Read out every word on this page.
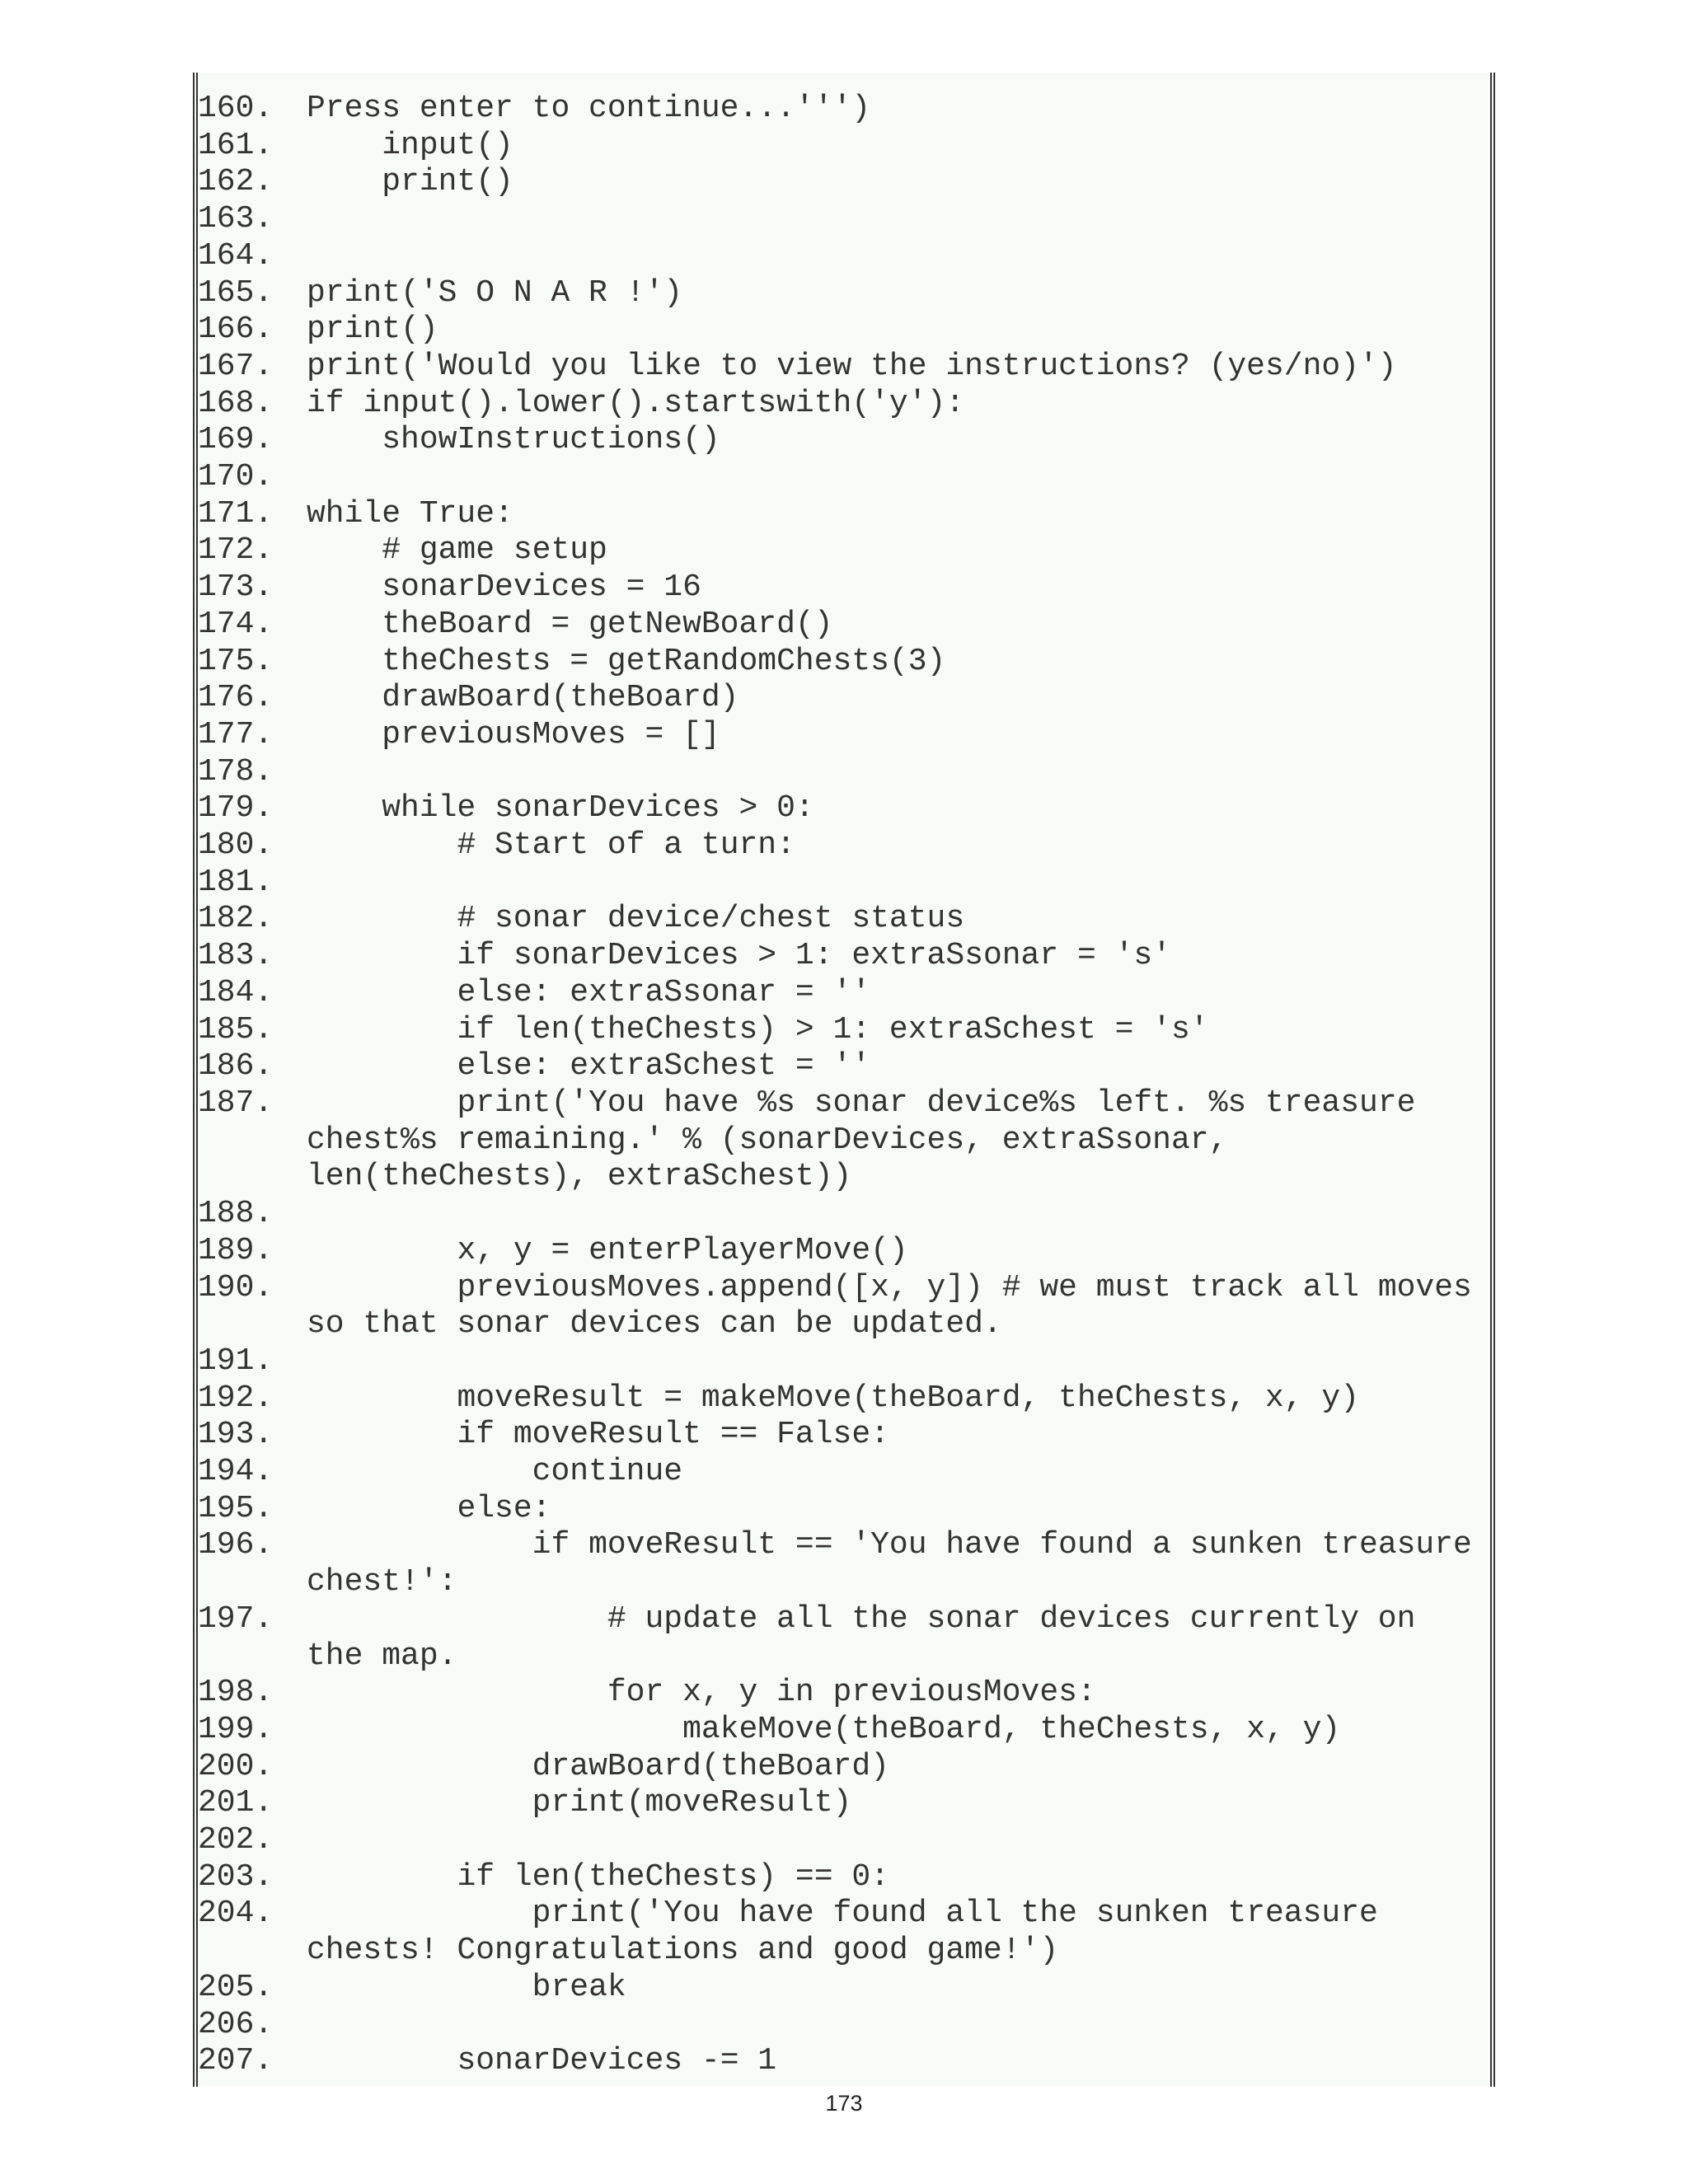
160.	Press enter to continue...''')
161.	input()
162.	print()
163.
164.
165.	print('S O N A R !')
166.	print()
167.	print('Would you like to view the instructions? (yes/no)')
168.	if input().lower().startswith('y'):
169.	showInstructions()
170.
171.	while True:
172.	# game setup
173.	sonarDevices = 16
174.	theBoard = getNewBoard()
175.	theChests = getRandomChests(3)
176.	drawBoard(theBoard)
177.	previousMoves = []
178.
179.	while sonarDevices > 0:
180.	# Start of a turn:
181.
182.	# sonar device/chest status
183.	if sonarDevices > 1: extraSsonar = 's'
184.	else: extraSsonar = ''
185.	if len(theChests) > 1: extraSchest = 's'
186.	else: extraSchest = ''
187.	print('You have %s sonar device%s left. %s treasure chest%s remaining.' % (sonarDevices, extraSsonar, len(theChests), extraSchest))
188.
189.	x, y = enterPlayerMove()
190.	previousMoves.append([x, y]) # we must track all moves so that sonar devices can be updated.
191.
192.	moveResult = makeMove(theBoard, theChests, x, y)
193.	if moveResult == False:
194.	continue
195.	else:
196.	if moveResult == 'You have found a sunken treasure chest!':
197.	# update all the sonar devices currently on the map.
198.	for x, y in previousMoves:
199.	makeMove(theBoard, theChests, x, y)
200.	drawBoard(theBoard)
201.	print(moveResult)
202.
203.	if len(theChests) == 0:
204.	print('You have found all the sunken treasure chests! Congratulations and good game!')
205.	break
206.
207.	sonarDevices -= 1
173
